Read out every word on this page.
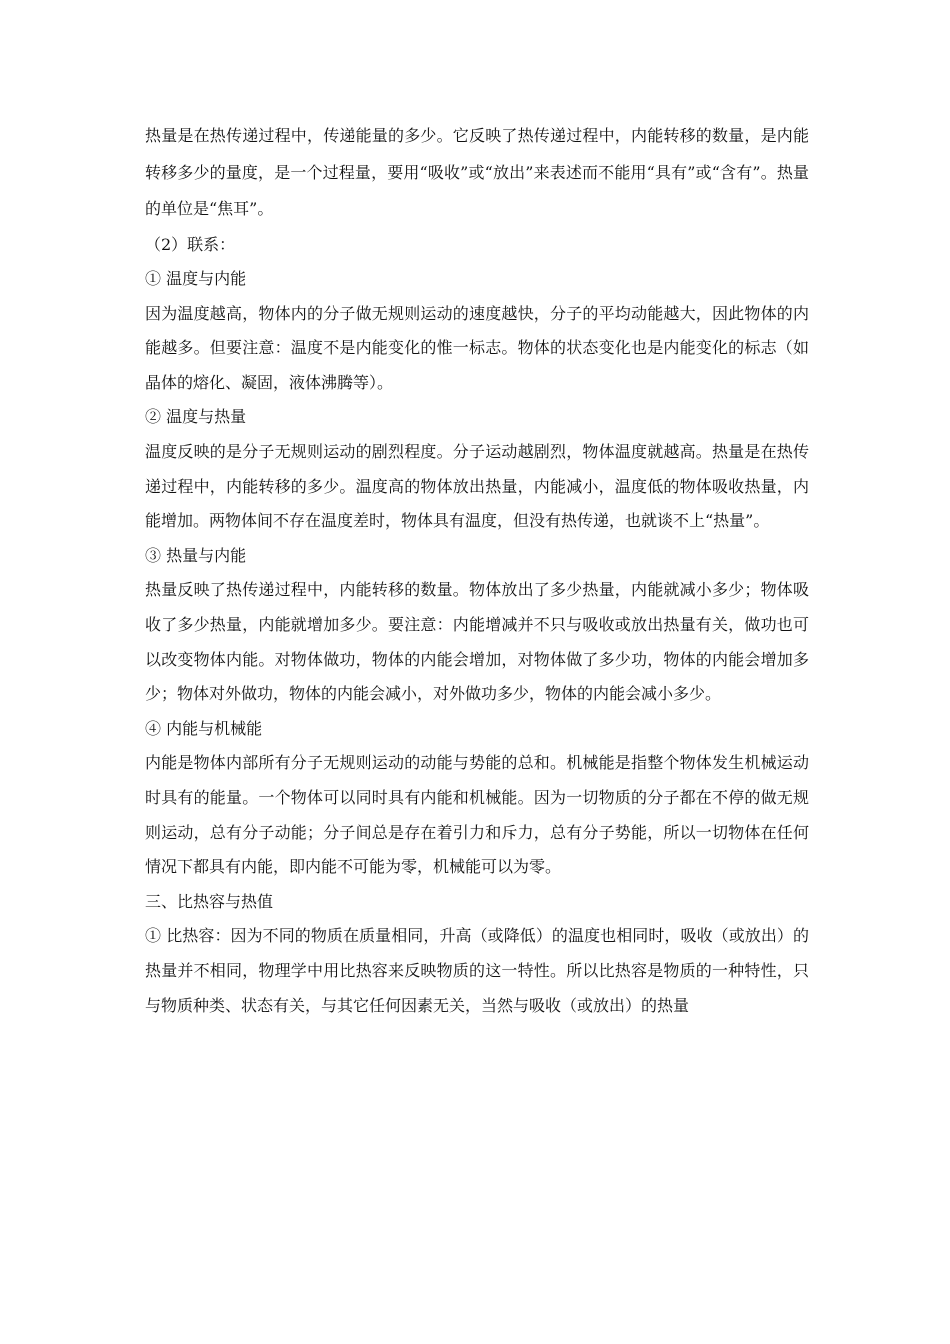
热量是在热传递过程中，传递能量的多少。它反映了热传递过程中，内能转移的数量，是内能转移多少的量度，是一个过程量，要用“吸收”或“放出”来表述而不能用“具有”或“含有”。热量的单位是“焦耳”。

（2）联系：

① 温度与内能

因为温度越高，物体内的分子做无规则运动的速度越快，分子的平均动能越大，因此物体的内能越多。但要注意：温度不是内能变化的惟一标志。物体的状态变化也是内能变化的标志（如晶体的熔化、凝固，液体沸腾等）。

② 温度与热量

温度反映的是分子无规则运动的剧烈程度。分子运动越剧烈，物体温度就越高。热量是在热传递过程中，内能转移的多少。温度高的物体放出热量，内能减小，温度低的物体吸收热量，内能增加。两物体间不存在温度差时，物体具有温度，但没有热传递，也就谈不上“热量”。

③ 热量与内能

热量反映了热传递过程中，内能转移的数量。物体放出了多少热量，内能就减小多少；物体吸收了多少热量，内能就增加多少。要注意：内能增减并不只与吸收或放出热量有关，做功也可以改变物体内能。对物体做功，物体的内能会增加，对物体做了多少功，物体的内能会增加多少；物体对外做功，物体的内能会减小，对外做功多少，物体的内能会减小多少。

④ 内能与机械能

内能是物体内部所有分子无规则运动的动能与势能的总和。机械能是指整个物体发生机械运动时具有的能量。一个物体可以同时具有内能和机械能。因为一切物质的分子都在不停的做无规则运动，总有分子动能；分子间总是存在着引力和斥力，总有分子势能，所以一切物体在任何情况下都具有内能，即内能不可能为零，机械能可以为零。

三、比热容与热值

① 比热容：因为不同的物质在质量相同，升高（或降低）的温度也相同时，吸收（或放出）的热量并不相同，物理学中用比热容来反映物质的这一特性。所以比热容是物质的一种特性，只与物质种类、状态有关，与其它任何因素无关，当然与吸收（或放出）的热量
